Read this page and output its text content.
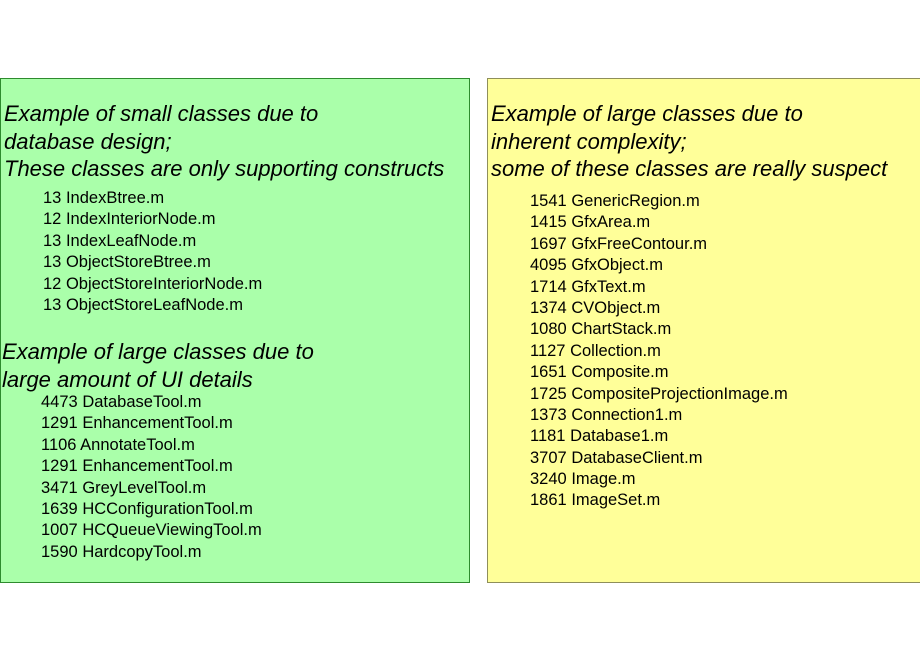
Example of small classes due to
database design;
These classes are only supporting constructs
13 IndexBtree.m
12 IndexInteriorNode.m
13 IndexLeafNode.m
13 ObjectStoreBtree.m
12 ObjectStoreInteriorNode.m
13 ObjectStoreLeafNode.m
Example of large classes due to
large amount of UI details
4473 DatabaseTool.m
1291 EnhancementTool.m
1106 AnnotateTool.m
1291 EnhancementTool.m
3471 GreyLevelTool.m
1639 HCConfigurationTool.m
1007 HCQueueViewingTool.m
1590 HardcopyTool.m
Example of large classes due to
inherent complexity;
some of these classes are really suspect
1541 GenericRegion.m
1415 GfxArea.m
1697 GfxFreeContour.m
4095 GfxObject.m
1714 GfxText.m
1374 CVObject.m
1080 ChartStack.m
1127 Collection.m
1651 Composite.m
1725 CompositeProjectionImage.m
1373 Connection1.m
1181 Database1.m
3707 DatabaseClient.m
3240 Image.m
1861 ImageSet.m
